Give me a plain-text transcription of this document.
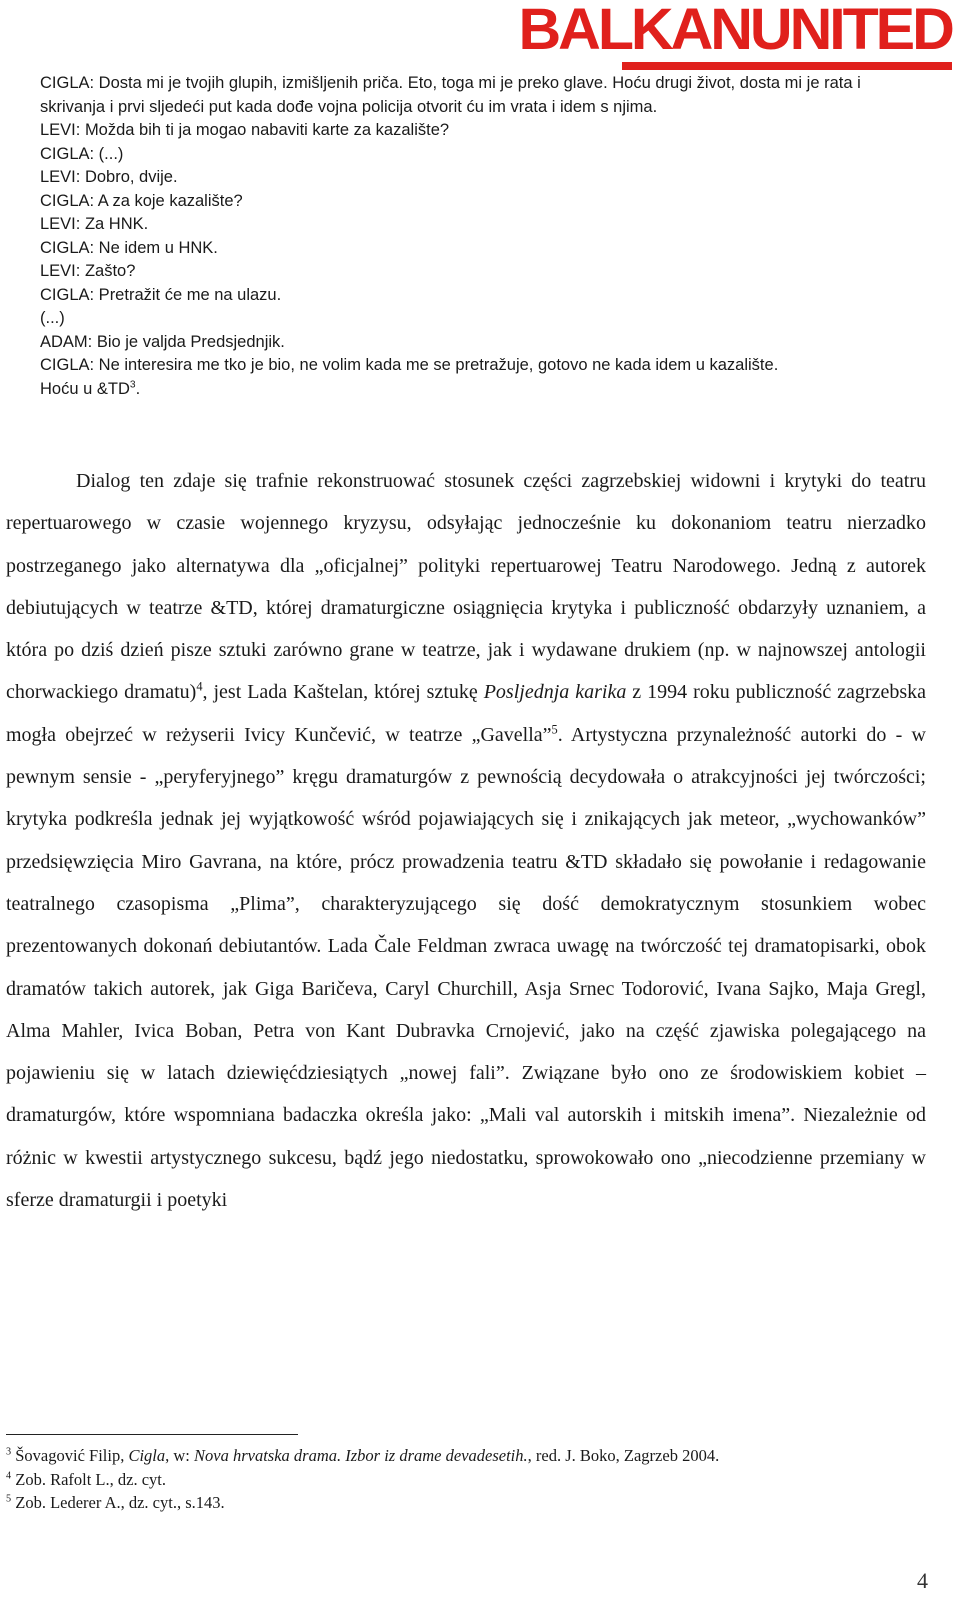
BALKANUNITED

CIGLA: Dosta mi je tvojih glupih, izmišljenih priča. Eto, toga mi je preko glave. Hoću drugi život, dosta mi je rata i skrivanja i prvi sljedeći put kada dođe vojna policija otvorit ću im vrata i idem s njima.

LEVI: Možda bih ti ja mogao nabaviti karte za kazalište?

CIGLA: (...)

LEVI: Dobro, dvije.

CIGLA: A za koje kazalište?

LEVI: Za HNK.

CIGLA: Ne idem u HNK.

LEVI: Zašto?

CIGLA: Pretražit će me na ulazu.

(...)

ADAM: Bio je valjda Predsjednjik.

CIGLA: Ne interesira me tko je bio, ne volim kada me se pretražuje, gotovo ne kada idem u kazalište.

Hoću u $\&TD^3$.

Dialog ten zdaje się trafnie rekonstruować stosunek części zagrzebskiej widowni i krytyki do teatru repertuarowego w czasie wojennego kryzysu, odsyłając jednocześnie ku dokonaniom teatru nierzadko postrzeganego jako alternatywa dla „oficjalnej” polityki repertuarowej Teatru Narodowego. Jedną z autorek debiutujących w teatrze &TD, której dramaturgiczne osiągnięcia krytyka i publiczność obdarzyły uznaniem, a która po dziś dzień pisze sztuki zarówno grane w teatrze, jak i wydawane drukiem (np. w najnowszej antologii chorwackiego dramatu)$^4$, jest Lada Kaštelan, której sztukę Posljednja karika z 1994 roku publiczność zagrzebska mogła obejrzeć w reżyserii Ivicy Kunčević, w teatrze „Gavella”$^5$. Artystyczna przynależność autorki do - w pewnym sensie - „peryferyjnego” kręgu dramaturgów z pewnością decydowała o atrakcyjności jej twórczości; krytyka podkreśla jednak jej wyjątkowość wśród pojawiających się i znikających jak meteor, „wychowanków” przedsięwzięcia Miro Gavrana, na które, prócz prowadzenia teatru &TD składało się powołanie i redagowanie teatralnego czasopisma „Plima”, charakteryzującego się dość demokratycznym stosunkiem wobec prezentowanych dokonań debiutantów. Lada Čale Feldman zwraca uwagę na twórczość tej dramatopisarki, obok dramatów takich autorek, jak Giga Baričeva, Caryl Churchill, Asja Srnec Todorović, Ivana Sajko, Maja Gregl, Alma Mahler, Ivica Boban, Petra von Kant Dubravka Crnojević, jako na część zjawiska polegającego na pojawieniu się w latach dziewięćdziesiątych „nowej fali”. Związane było ono ze środowiskiem kobiet – dramaturgów, które wspomniana badaczka określa jako: „Mali val autorskih i mitskih imena”. Niezależnie od różnic w kwestii artystycznego sukcesu, bądź jego niedostatku, sprowokowało ono „niecodzienne przemiany w sferze dramaturgii i poetyki

$^3$ Šovagović Filip, Cigla, w: Nova hrvatska drama. Izbor iz drame devadesetih., red. J. Boko, Zagrzeb 2004.

$^4$ Zob. Rafolt L., dz. cyt.

$^5$ Zob. Lederer A., dz. cyt., s.143.

4
